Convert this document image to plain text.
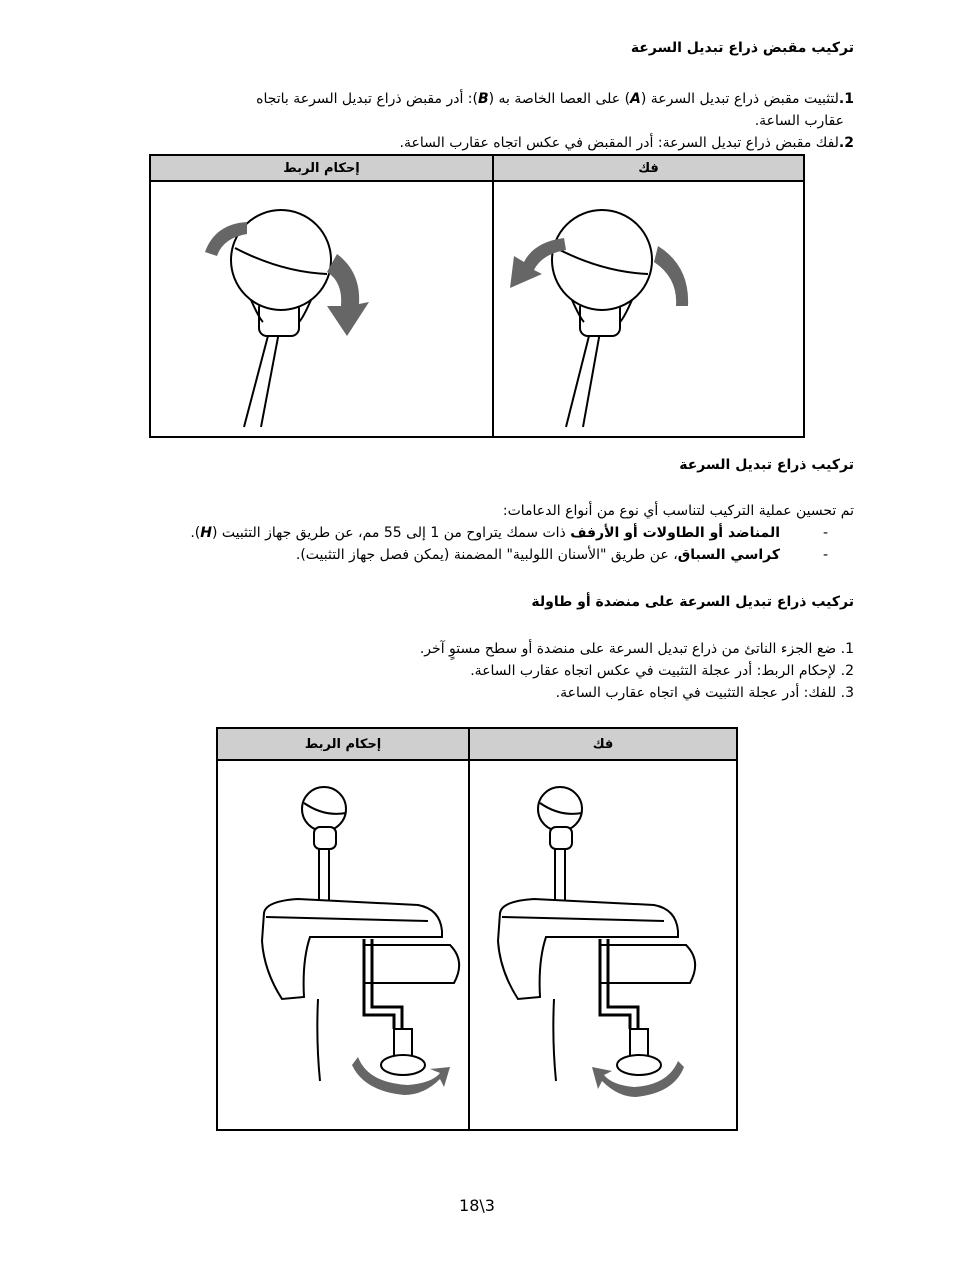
تركيب مقبض ذراع تبديل السرعة
1.لتثبيت مقبض ذراع تبديل السرعة (A) على العصا الخاصة به (B): أدر مقبض ذراع تبديل السرعة باتجاه
عقارب الساعة.
2.لفك مقبض ذراع تبديل السرعة: أدر المقبض في عكس اتجاه عقارب الساعة.
إحكام الربط	فك

تركيب ذراع تبديل السرعة
تم تحسين عملية التركيب لتناسب أي نوع من أنواع الدعامات:
-
المناضد أو الطاولات أو الأرفف ذات سمك يتراوح من 1 إلى 55 مم، عن طريق جهاز التثبيت (H).
-
كراسي السباق، عن طريق "الأسنان اللولبية" المضمنة (يمكن فصل جهاز التثبيت).
تركيب ذراع تبديل السرعة على منضدة أو طاولة
1. ضع الجزء الناتئ من ذراع تبديل السرعة على منضدة أو سطح مستوٍ آخر.
2. لإحكام الربط: أدر عجلة التثبيت في عكس اتجاه عقارب الساعة.
3. للفك: أدر عجلة التثبيت في اتجاه عقارب الساعة.
إحكام الربط	فك

18\3
